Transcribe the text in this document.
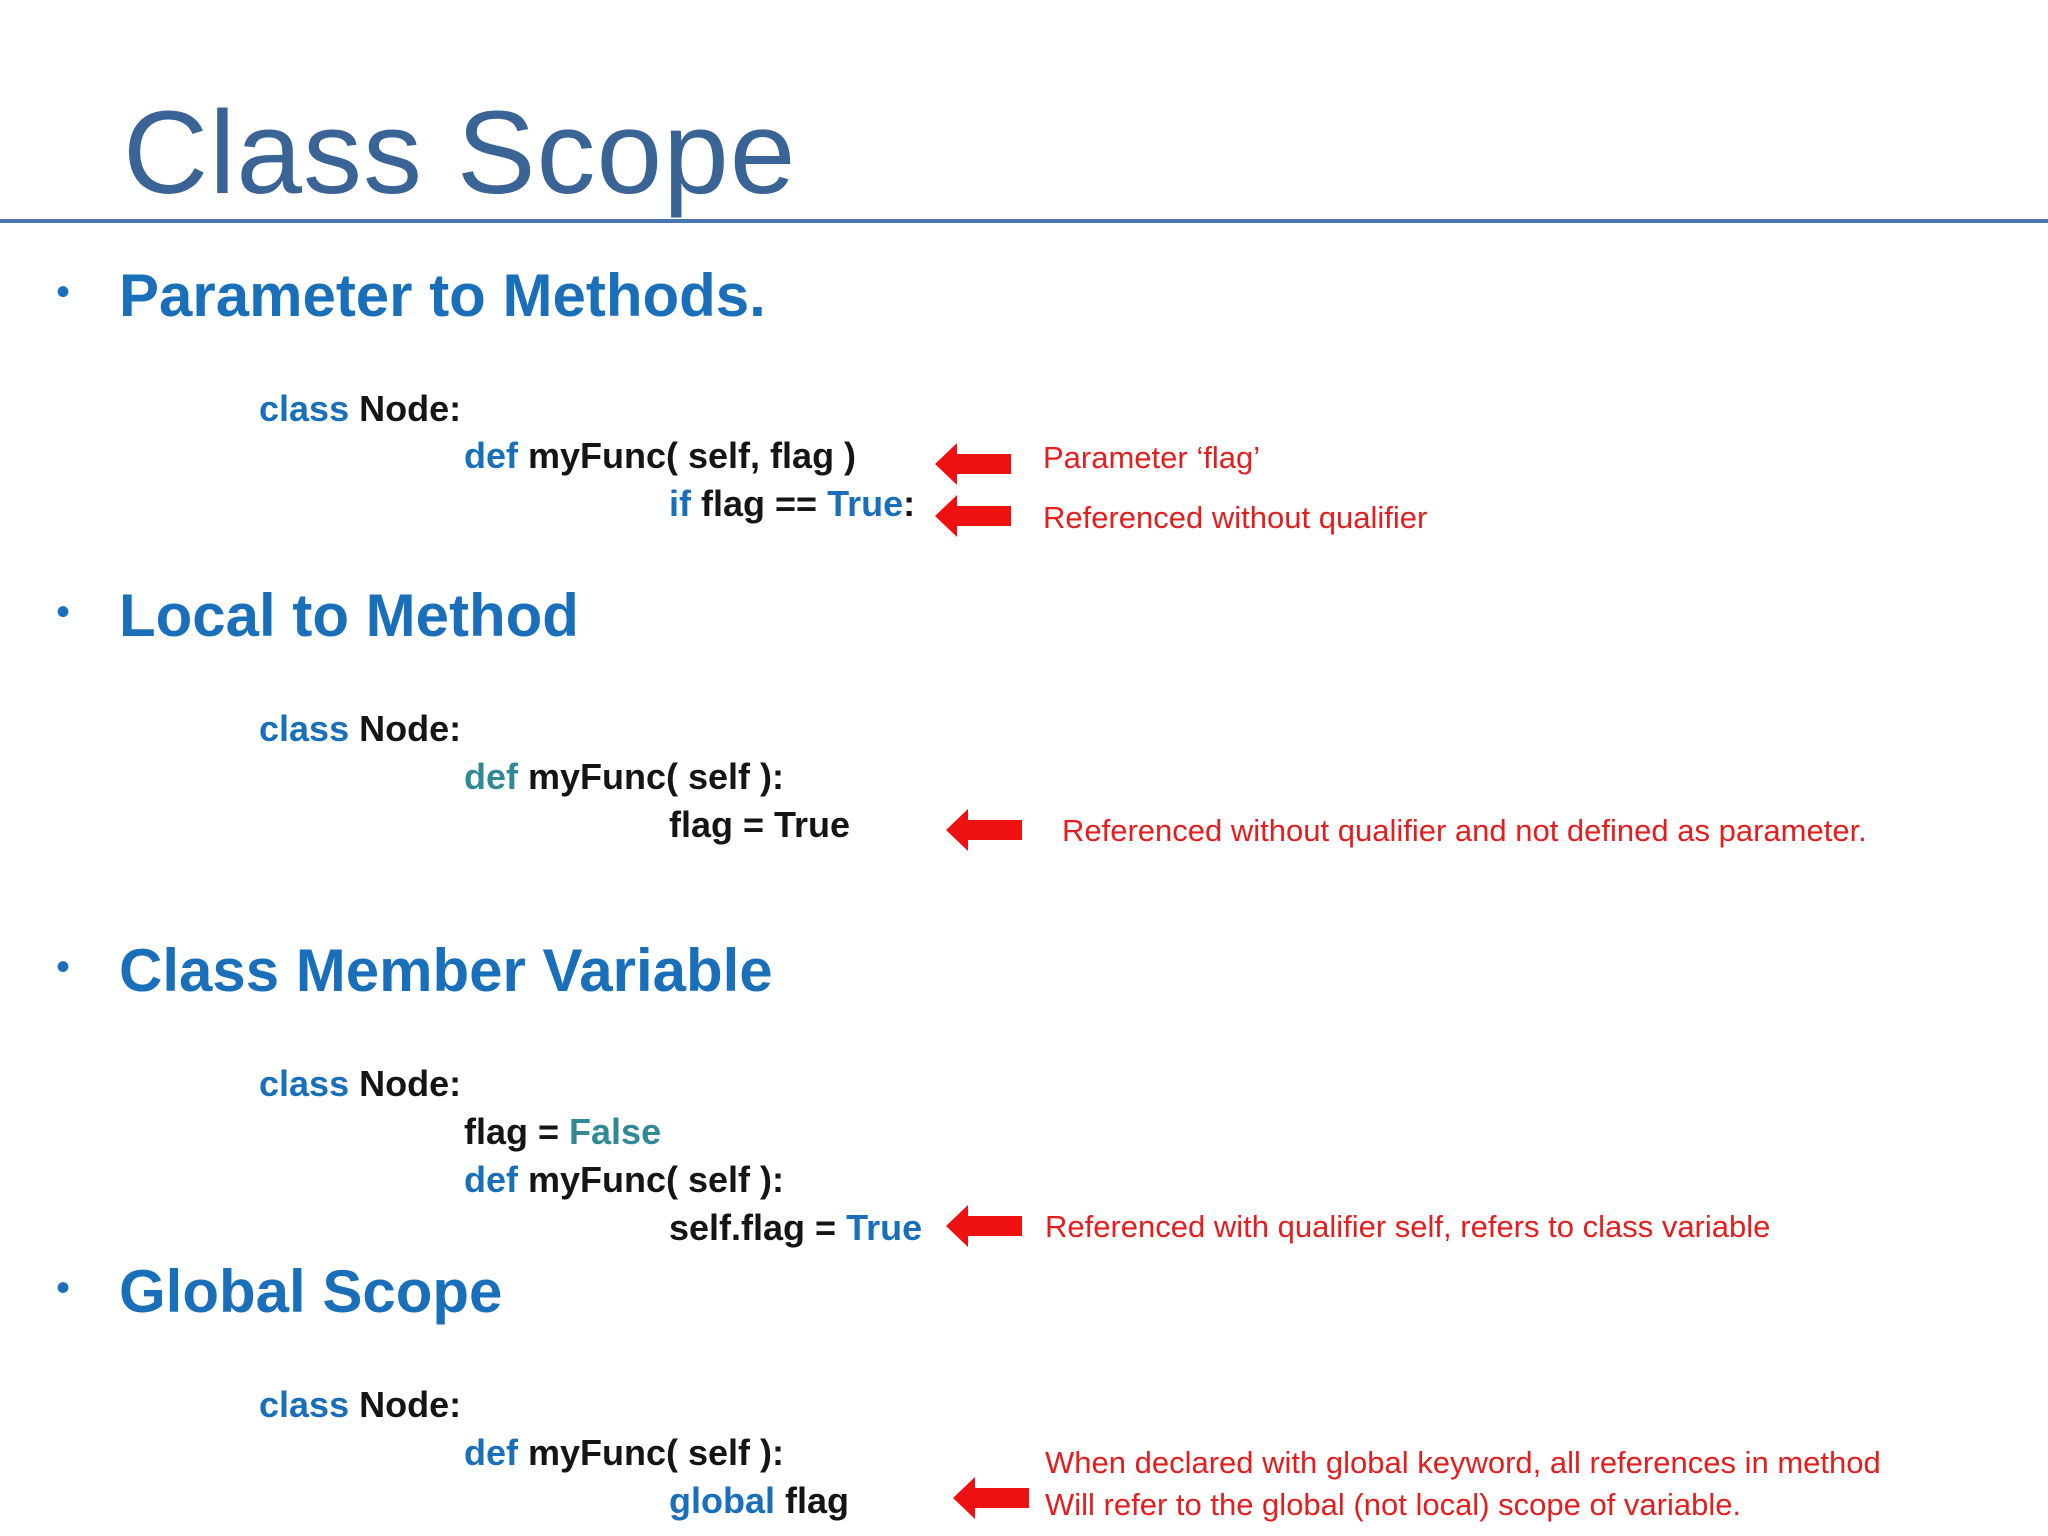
Class Scope
• Parameter to Methods.
class Node:
def myFunc( self, flag )
if flag == True:
Parameter ‘flag’
Referenced without qualifier
• Local to Method
class Node:
def myFunc( self ):
flag = True	Referenced without qualifier and not defined as parameter.
• Class Member Variable
class Node:
flag = False
def myFunc( self ):
self.flag = True	Referenced with qualifier self, refers to class variable
• Global Scope
class Node:
def myFunc( self ):
global flag
When declared with global keyword, all references in method
Will refer to the global (not local) scope of variable.
